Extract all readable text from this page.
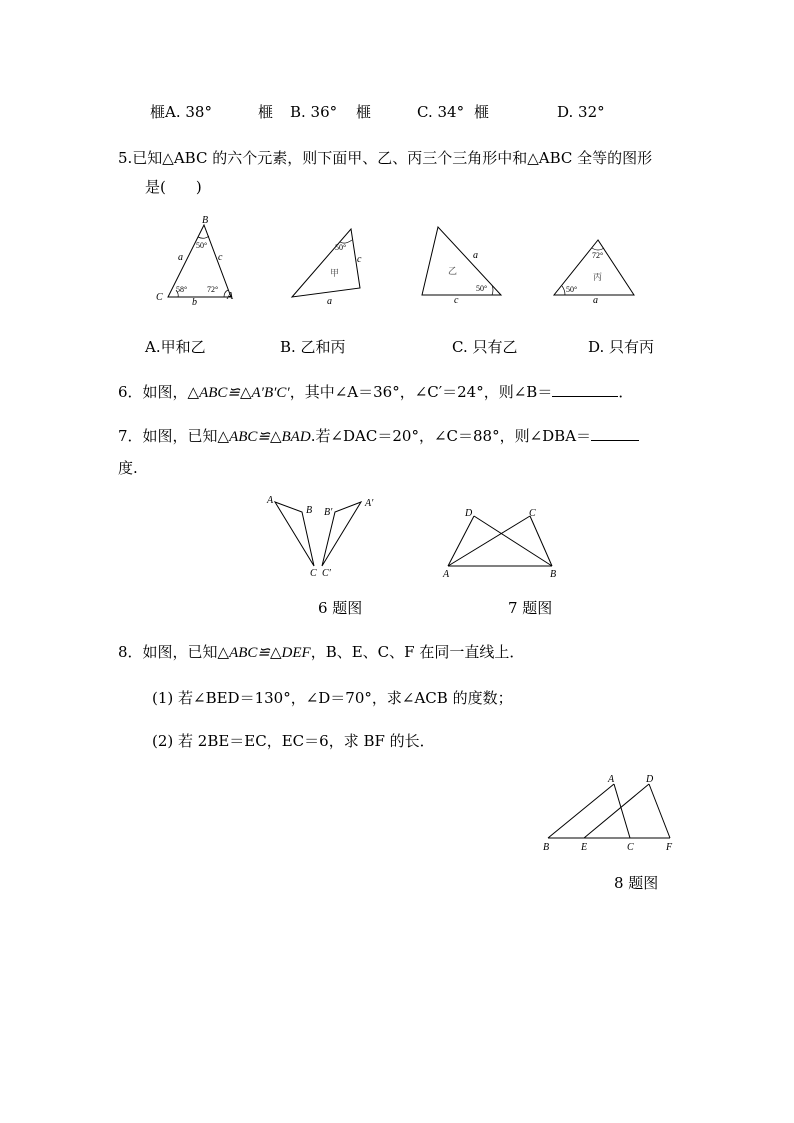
榧A. 38°	榧 B. 36° 榧	C. 34° 榧	D. 32°
5.已知△ABC 的六个元素，则下面甲、乙、丙三个三角形中和△ABC 全等的图形
是(　　)
B
C	A
a	c
b
50°
58° 72°
50°
甲
c
a
50°
乙
a
c
72°
50°
丙
a
A.甲和乙	B. 乙和丙	C. 只有乙	D. 只有丙
6．如图，△ABC≌△A′B′C′，其中∠A＝36°，∠C′＝24°，则∠B＝	．
7．如图，已知△ABC≌△BAD.若∠DAC＝20°，∠C＝88°，则∠DBA＝
度.
A
B
C
A′
B′
C′
6 题图
D	C
A	B
7 题图
8．如图，已知△ABC≌△DEF，B、E、C、F 在同一直线上．
(1) 若∠BED＝130°，∠D＝70°，求∠ACB 的度数；
(2) 若 2BE＝EC，EC＝6，求 BF 的长．
A	D
B	E	C	F
8 题图
